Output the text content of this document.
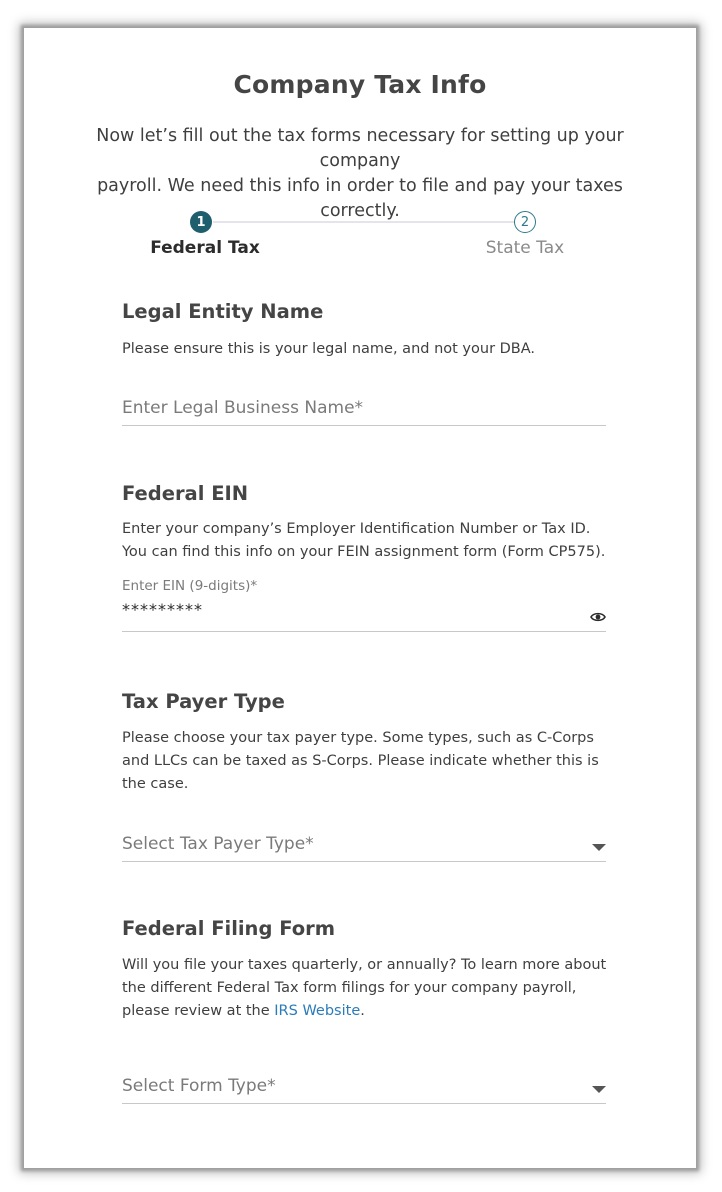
Company Tax Info
Now let’s fill out the tax forms necessary for setting up your company
payroll. We need this info in order to file and pay your taxes correctly.
1	2
Federal Tax	State Tax
Legal Entity Name
Please ensure this is your legal name, and not your DBA.
Enter Legal Business Name*
Federal EIN
Enter your company’s Employer Identification Number or Tax ID.
You can find this info on your FEIN assignment form (Form CP575).
Enter EIN (9-digits)*
*********
Tax Payer Type
Please choose your tax payer type. Some types, such as C-Corps
and LLCs can be taxed as S-Corps. Please indicate whether this is
the case.
Select Tax Payer Type*
Federal Filing Form
Will you file your taxes quarterly, or annually? To learn more about
the different Federal Tax form filings for your company payroll,
please review at the IRS Website.
Select Form Type*
